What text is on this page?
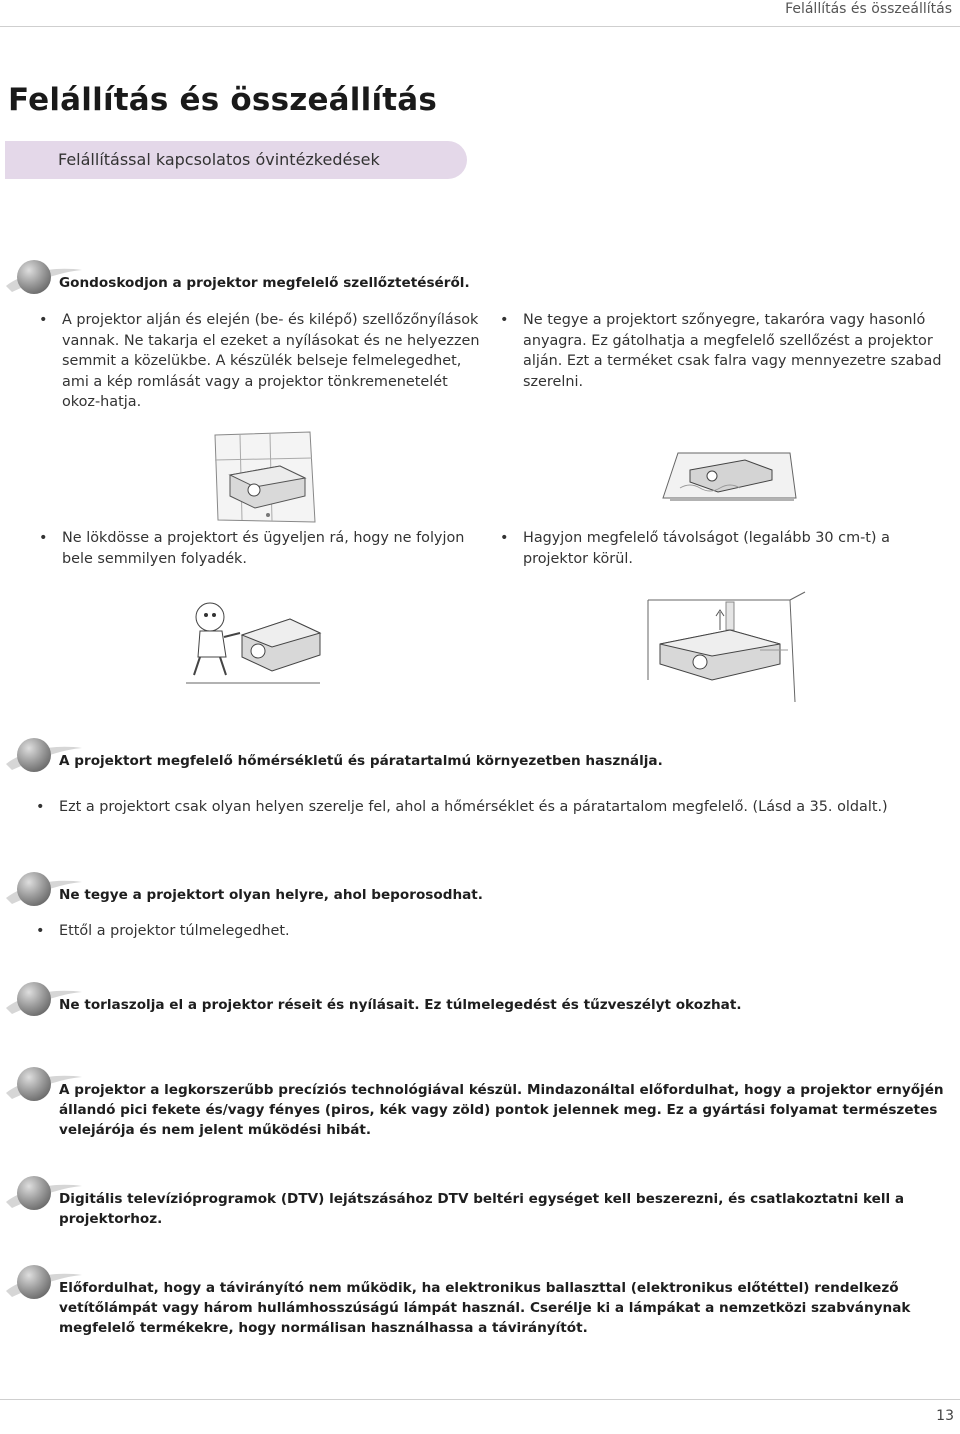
Felállítás és összeállítás
Felállítás és összeállítás
Felállítással kapcsolatos óvintézkedések
Gondoskodjon a projektor megfelelő szellőztetéséről.
• A projektor alján és elején (be- és kilépő) szellőzőnyílások vannak. Ne takarja el ezeket a nyílásokat és ne helyezzen semmit a közelükbe. A készülék belseje felmelegedhet, ami a kép romlását vagy a projektor tönkremenetelét okoz-hatja.
• Ne tegye a projektort szőnyegre, takaróra vagy hasonló anyagra. Ez gátolhatja a megfelelő szellőzést a projektor alján. Ezt a terméket csak falra vagy mennyezetre szabad szerelni.
• Ne lökdösse a projektort és ügyeljen rá, hogy ne folyjon bele semmilyen folyadék.
• Hagyjon megfelelő távolságot (legalább 30 cm-t) a projektor körül.
A projektort megfelelő hőmérsékletű és páratartalmú környezetben használja.
• Ezt a projektort csak olyan helyen szerelje fel, ahol a hőmérséklet és a páratartalom megfelelő. (Lásd a 35. oldalt.)
Ne tegye a projektort olyan helyre, ahol beporosodhat.
• Ettől a projektor túlmelegedhet.
Ne torlaszolja el a projektor réseit és nyílásait. Ez túlmelegedést és tűzveszélyt okozhat.
A projektor a legkorszerűbb precíziós technológiával készül. Mindazonáltal előfordulhat, hogy a projektor ernyőjén állandó pici fekete és/vagy fényes (piros, kék vagy zöld) pontok jelennek meg. Ez a gyártási folyamat természetes velejárója és nem jelent működési hibát.
Digitális televízióprogramok (DTV) lejátszásához DTV beltéri egységet kell beszerezni, és csatlakoztatni kell a projektorhoz.
Előfordulhat, hogy a távirányító nem működik, ha elektronikus ballaszttal (elektronikus előtéttel) rendelkező vetítőlámpát vagy három hullámhosszúságú lámpát használ. Cserélje ki a lámpákat a nemzetközi szabványnak megfelelő termékekre, hogy normálisan használhassa a távirányítót.
13
